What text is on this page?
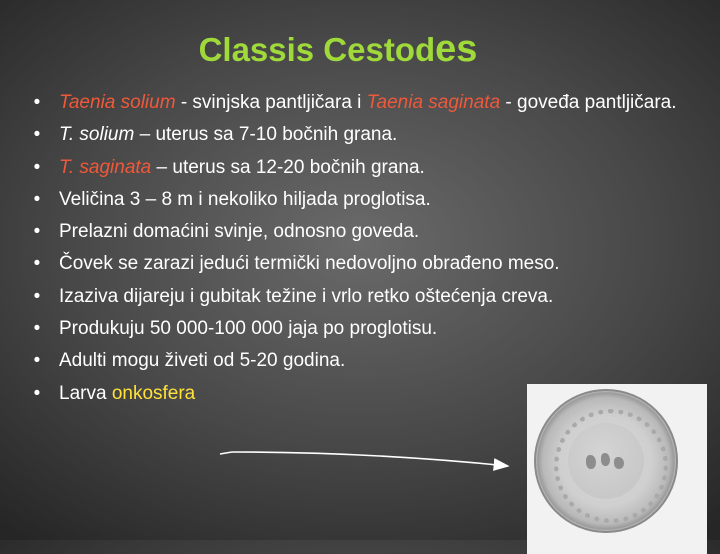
Classis Cestodes
• Taenia solium - svinjska pantljičara i Taenia saginata - goveđa pantljičara.
• T. solium – uterus sa 7-10 bočnih grana.
• T. saginata – uterus sa 12-20 bočnih grana.
• Veličina 3 – 8 m i nekoliko hiljada proglotisa.
• Prelazni domaćini svinje, odnosno goveda.
• Čovek se zarazi jedući termički nedovoljno obrađeno meso.
• Izaziva dijareju i gubitak težine i vrlo retko oštećenja creva.
• Produkuju 50 000-100 000 jaja po proglotisu.
• Adulti mogu živeti od 5-20 godina.
• Larva onkosfera
